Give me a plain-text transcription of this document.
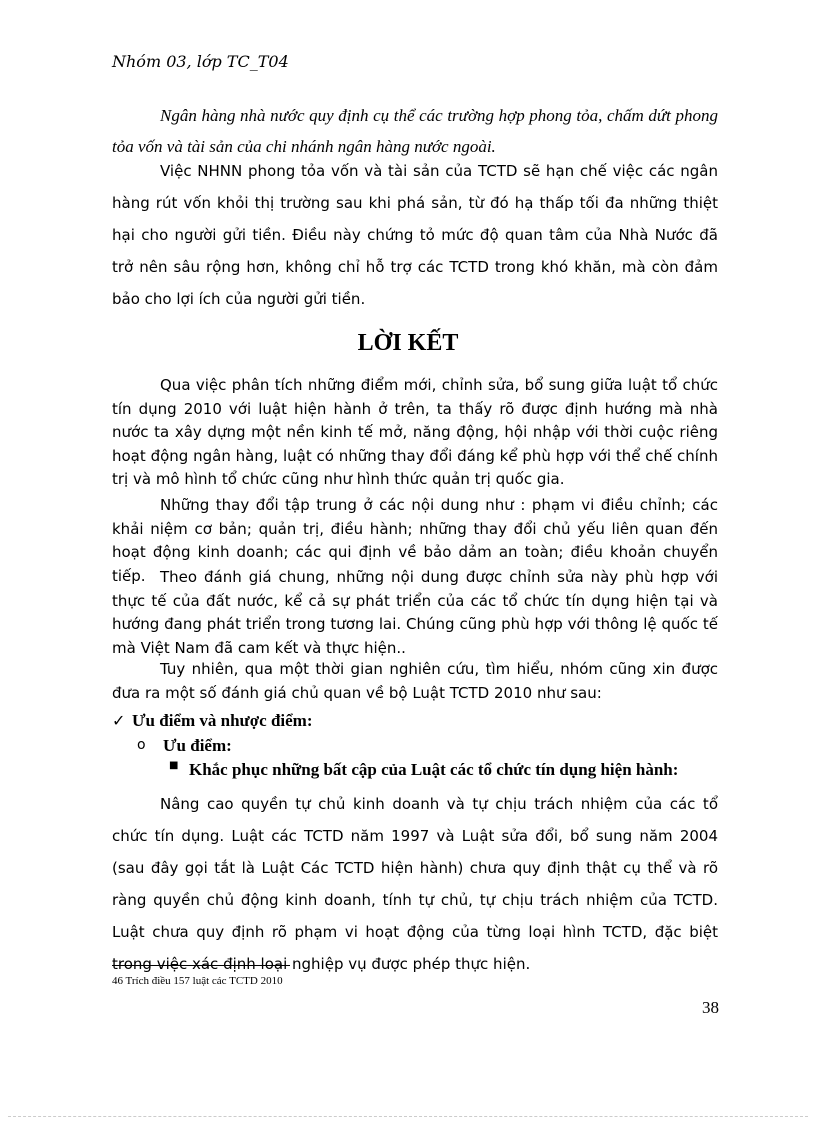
Nhóm 03, lớp TC_T04
Ngân hàng nhà nước quy định cụ thể các trường hợp phong tỏa, chấm dứt phong tỏa vốn và tài sản của chi nhánh ngân hàng nước ngoài.
Việc NHNN phong tỏa vốn và tài sản của TCTD sẽ hạn chế việc các ngân hàng rút vốn khỏi thị trường sau khi phá sản, từ đó hạ thấp tối đa những thiệt hại cho người gửi tiền. Điều này chứng tỏ mức độ quan tâm của Nhà Nước đã trở nên sâu rộng hơn, không chỉ hỗ trợ các TCTD trong khó khăn, mà còn đảm bảo cho lợi ích của người gửi tiền.
LỜI KẾT
Qua việc phân tích những điểm mới, chỉnh sửa, bổ sung giữa luật tổ chức tín dụng 2010 với luật hiện hành ở trên, ta thấy rõ được định hướng mà nhà nước ta xây dựng một nền kinh tế mở, năng động, hội nhập với thời cuộc riêng hoạt động ngân hàng, luật có những thay đổi đáng kể phù hợp với thể chế chính trị và mô hình tổ chức cũng như hình thức quản trị quốc gia.
Những thay đổi tập trung ở các nội dung như : phạm vi điều chỉnh; các khải niệm cơ bản; quản trị, điều hành; những thay đổi chủ yếu liên quan đến hoạt động kinh doanh; các qui định về bảo dảm an toàn; điều khoản chuyển tiếp. Theo đánh giá chung, những nội dung được chỉnh sửa này phù hợp với thực tế của đất nước, kể cả sự phát triển của các tổ chức tín dụng hiện tại và hướng đang phát triển trong tương lai. Chúng cũng phù hợp với thông lệ quốc tế mà Việt Nam đã cam kết và thực hiện..
Tuy nhiên, qua một thời gian nghiên cứu, tìm hiểu, nhóm cũng xin được đưa ra một số đánh giá chủ quan về bộ Luật TCTD 2010 như sau:
✓ Ưu điểm và nhược điểm:
o Ưu điểm:
■ Khắc phục những bất cập của Luật các tổ chức tín dụng hiện hành:
Nâng cao quyền tự chủ kinh doanh và tự chịu trách nhiệm của các tổ chức tín dụng. Luật các TCTD năm 1997 và Luật sửa đổi, bổ sung năm 2004 (sau đây gọi tắt là Luật Các TCTD hiện hành) chưa quy định thật cụ thể và rõ ràng quyền chủ động kinh doanh, tính tự chủ, tự chịu trách nhiệm của TCTD. Luật chưa quy định rõ phạm vi hoạt động của từng loại hình TCTD, đặc biệt trong việc xác định loại nghiệp vụ được phép thực hiện.
46 Trích điều 157 luật các TCTD 2010
38
